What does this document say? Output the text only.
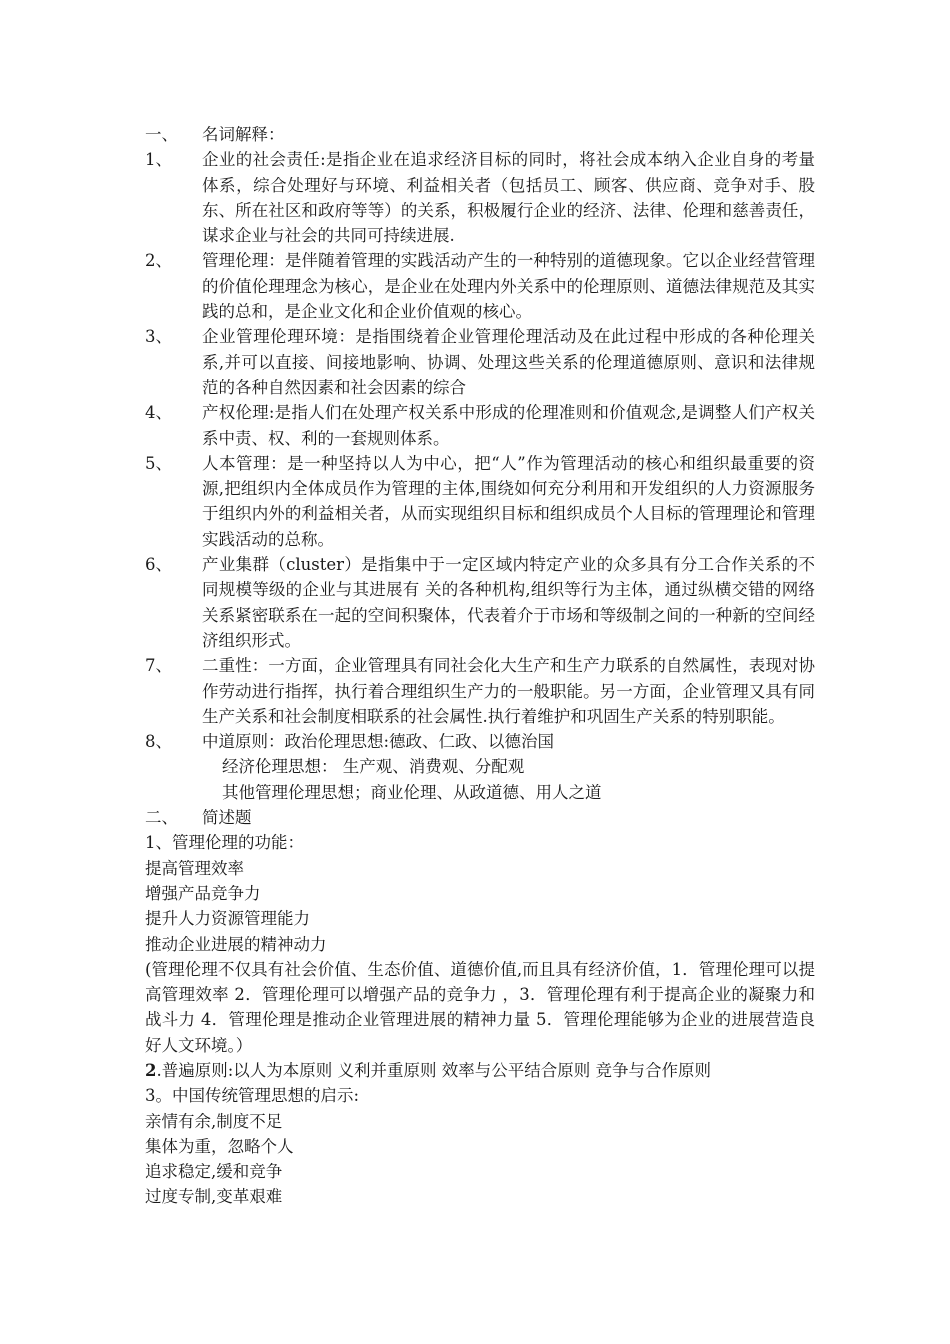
一、	名词解释：
1、	企业的社会责任:是指企业在追求经济目标的同时，将社会成本纳入企业自身的考量体系，综合处理好与环境、利益相关者（包括员工、顾客、供应商、竞争对手、股东、所在社区和政府等等）的关系，积极履行企业的经济、法律、伦理和慈善责任，谋求企业与社会的共同可持续进展.
2、	管理伦理：是伴随着管理的实践活动产生的一种特别的道德现象。它以企业经营管理的价值伦理理念为核心，是企业在处理内外关系中的伦理原则、道德法律规范及其实践的总和，是企业文化和企业价值观的核心。
3、	企业管理伦理环境：是指围绕着企业管理伦理活动及在此过程中形成的各种伦理关系,并可以直接、间接地影响、协调、处理这些关系的伦理道德原则、意识和法律规范的各种自然因素和社会因素的综合
4、	产权伦理:是指人们在处理产权关系中形成的伦理准则和价值观念,是调整人们产权关系中责、权、利的一套规则体系。
5、	人本管理：是一种坚持以人为中心，把“人”作为管理活动的核心和组织最重要的资源,把组织内全体成员作为管理的主体,围绕如何充分利用和开发组织的人力资源服务于组织内外的利益相关者，从而实现组织目标和组织成员个人目标的管理理论和管理实践活动的总称。
6、	产业集群（cluster）是指集中于一定区域内特定产业的众多具有分工合作关系的不同规模等级的企业与其进展有 关的各种机构,组织等行为主体，通过纵横交错的网络关系紧密联系在一起的空间积聚体，代表着介于市场和等级制之间的一种新的空间经济组织形式。
7、	二重性：一方面，企业管理具有同社会化大生产和生产力联系的自然属性，表现对协作劳动进行指挥，执行着合理组织生产力的一般职能。另一方面，企业管理又具有同生产关系和社会制度相联系的社会属性.执行着维护和巩固生产关系的特别职能。
8、	中道原则：政治伦理思想:德政、仁政、以德治国
经济伦理思想： 生产观、消费观、分配观
其他管理伦理思想；商业伦理、从政道德、用人之道
二、	简述题
1、管理伦理的功能：
提高管理效率
增强产品竞争力
提升人力资源管理能力
推动企业进展的精神动力
(管理伦理不仅具有社会价值、生态价值、道德价值,而且具有经济价值，1．管理伦理可以提高管理效率 2．管理伦理可以增强产品的竞争力 ，3．管理伦理有利于提高企业的凝聚力和战斗力 4．管理伦理是推动企业管理进展的精神力量 5．管理伦理能够为企业的进展营造良好人文环境。）
2.普遍原则:以人为本原则 义利并重原则 效率与公平结合原则 竞争与合作原则
3。中国传统管理思想的启示:
亲情有余,制度不足
集体为重，忽略个人
追求稳定,缓和竞争
过度专制,变革艰难
